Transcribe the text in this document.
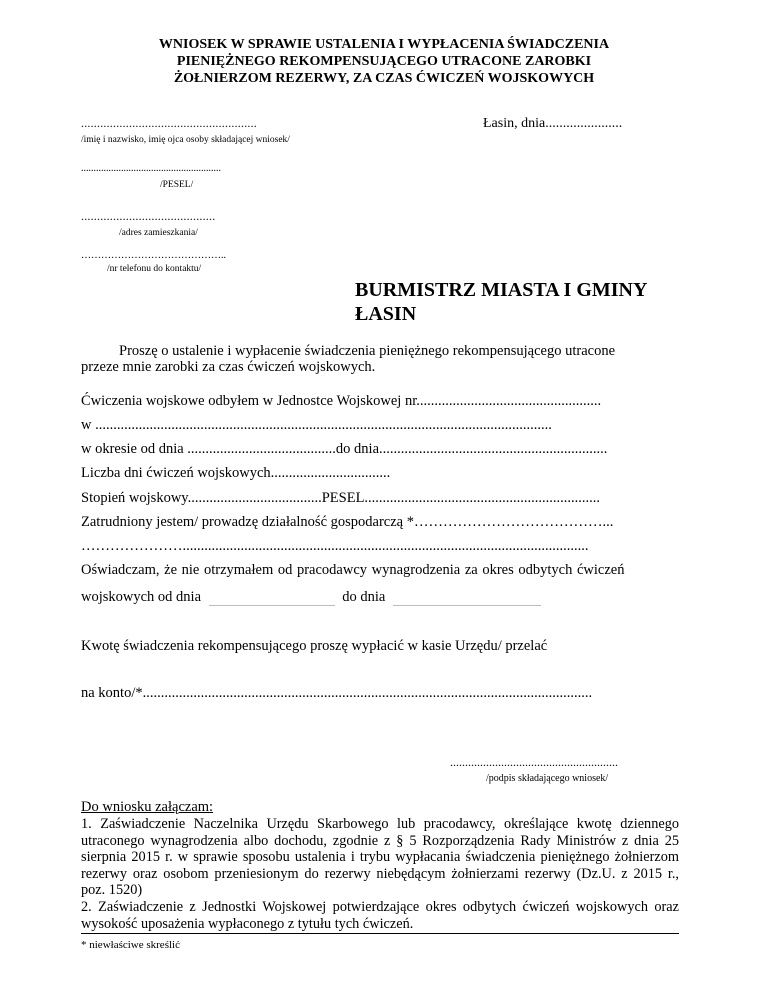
WNIOSEK W SPRAWIE USTALENIA I WYPŁACENIA ŚWIADCZENIA
PIENIĘŻNEGO REKOMPENSUJĄCEGO UTRACONE ZAROBKI
ŻOŁNIERZOM REZERWY, ZA CZAS ĆWICZEŃ WOJSKOWYCH
.......................................................	Łasin, dnia......................
/imię i nazwisko, imię ojca osoby składającej wniosek/
........................................................
/PESEL/
..........................................
/adres zamieszkania/
……………………………………..
/nr telefonu do kontaktu/
BURMISTRZ MIASTA I GMINY
ŁASIN
Proszę o ustalenie i wypłacenie świadczenia pieniężnego rekompensującego utracone
przeze mnie zarobki za czas ćwiczeń wojskowych.
Ćwiczenia wojskowe odbyłem w Jednostce Wojskowej nr...................................................
w ..............................................................................................................................
w okresie od dnia .........................................do dnia...............................................................
Liczba dni ćwiczeń wojskowych.................................
Stopień wojskowy.....................................PESEL.................................................................
Zatrudniony jestem/ prowadzę działalność gospodarczą *…………………………………...
…………………................................................................................................................
Oświadczam, że nie otrzymałem od pracodawcy wynagrodzenia za okres odbytych ćwiczeń
wojskowych od dnia	do dnia
Kwotę świadczenia rekompensującego proszę wypłacić w kasie Urzędu/ przelać
na konto/*............................................................................................................................
........................................................
/podpis składającego wniosek/
Do wniosku załączam:
1. Zaświadczenie Naczelnika Urzędu Skarbowego lub pracodawcy, określające kwotę dziennego utraconego wynagrodzenia albo dochodu, zgodnie z § 5 Rozporządzenia Rady Ministrów z dnia 25 sierpnia 2015 r. w sprawie sposobu ustalenia i trybu wypłacania świadczenia pieniężnego żołnierzom rezerwy oraz osobom przeniesionym do rezerwy niebędącym żołnierzami rezerwy (Dz.U. z 2015 r., poz. 1520)
2. Zaświadczenie z Jednostki Wojskowej potwierdzające okres odbytych ćwiczeń wojskowych oraz wysokość uposażenia wypłaconego z tytułu tych ćwiczeń.
* niewłaściwe skreślić
